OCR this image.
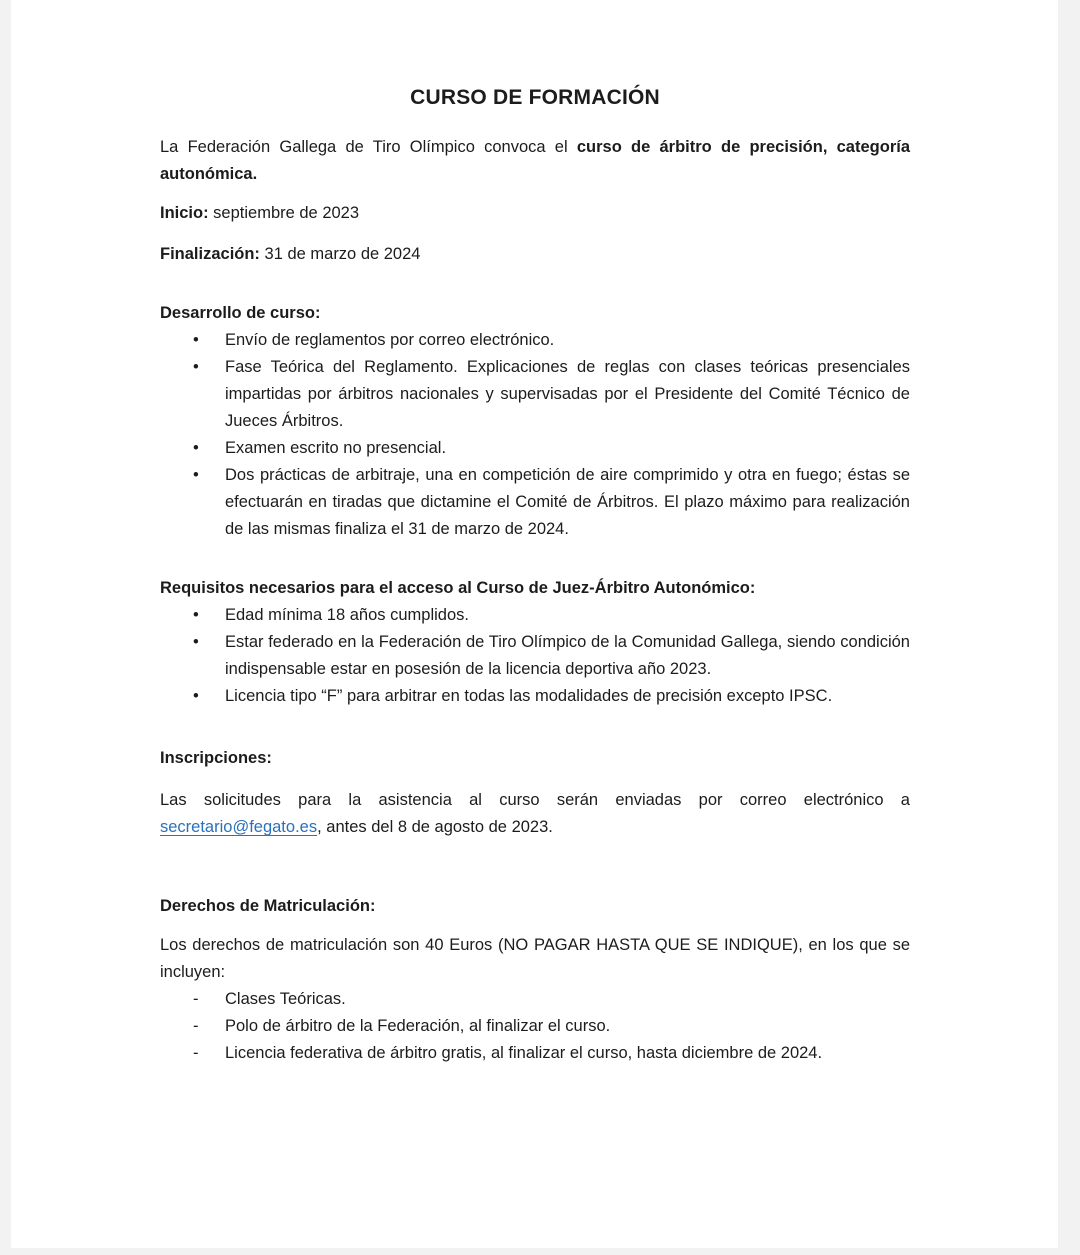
CURSO DE FORMACIÓN

La Federación Gallega de Tiro Olímpico convoca el curso de árbitro de precisión, categoría autonómica.

Inicio: septiembre de 2023

Finalización: 31 de marzo de 2024

Desarrollo de curso:

•	Envío de reglamentos por correo electrónico.
•	Fase Teórica del Reglamento. Explicaciones de reglas con clases teóricas presenciales impartidas por árbitros nacionales y supervisadas por el Presidente del Comité Técnico de Jueces Árbitros.
•	Examen escrito no presencial.
•	Dos prácticas de arbitraje, una en competición de aire comprimido y otra en fuego; éstas se efectuarán en tiradas que dictamine el Comité de Árbitros. El plazo máximo para realización de las mismas finaliza el 31 de marzo de 2024.

Requisitos necesarios para el acceso al Curso de Juez-Árbitro Autonómico:

•	Edad mínima 18 años cumplidos.
•	Estar federado en la Federación de Tiro Olímpico de la Comunidad Gallega, siendo condición indispensable estar en posesión de la licencia deportiva año 2023.
•	Licencia tipo “F” para arbitrar en todas las modalidades de precisión excepto IPSC.

Inscripciones:

Las solicitudes para la asistencia al curso serán enviadas por correo electrónico a secretario@fegato.es, antes del 8 de agosto de 2023.

Derechos de Matriculación:

Los derechos de matriculación son 40 Euros (NO PAGAR HASTA QUE SE INDIQUE), en los que se incluyen:

-	Clases Teóricas.
-	Polo de árbitro de la Federación, al finalizar el curso.
-	Licencia federativa de árbitro gratis, al finalizar el curso, hasta diciembre de 2024.
